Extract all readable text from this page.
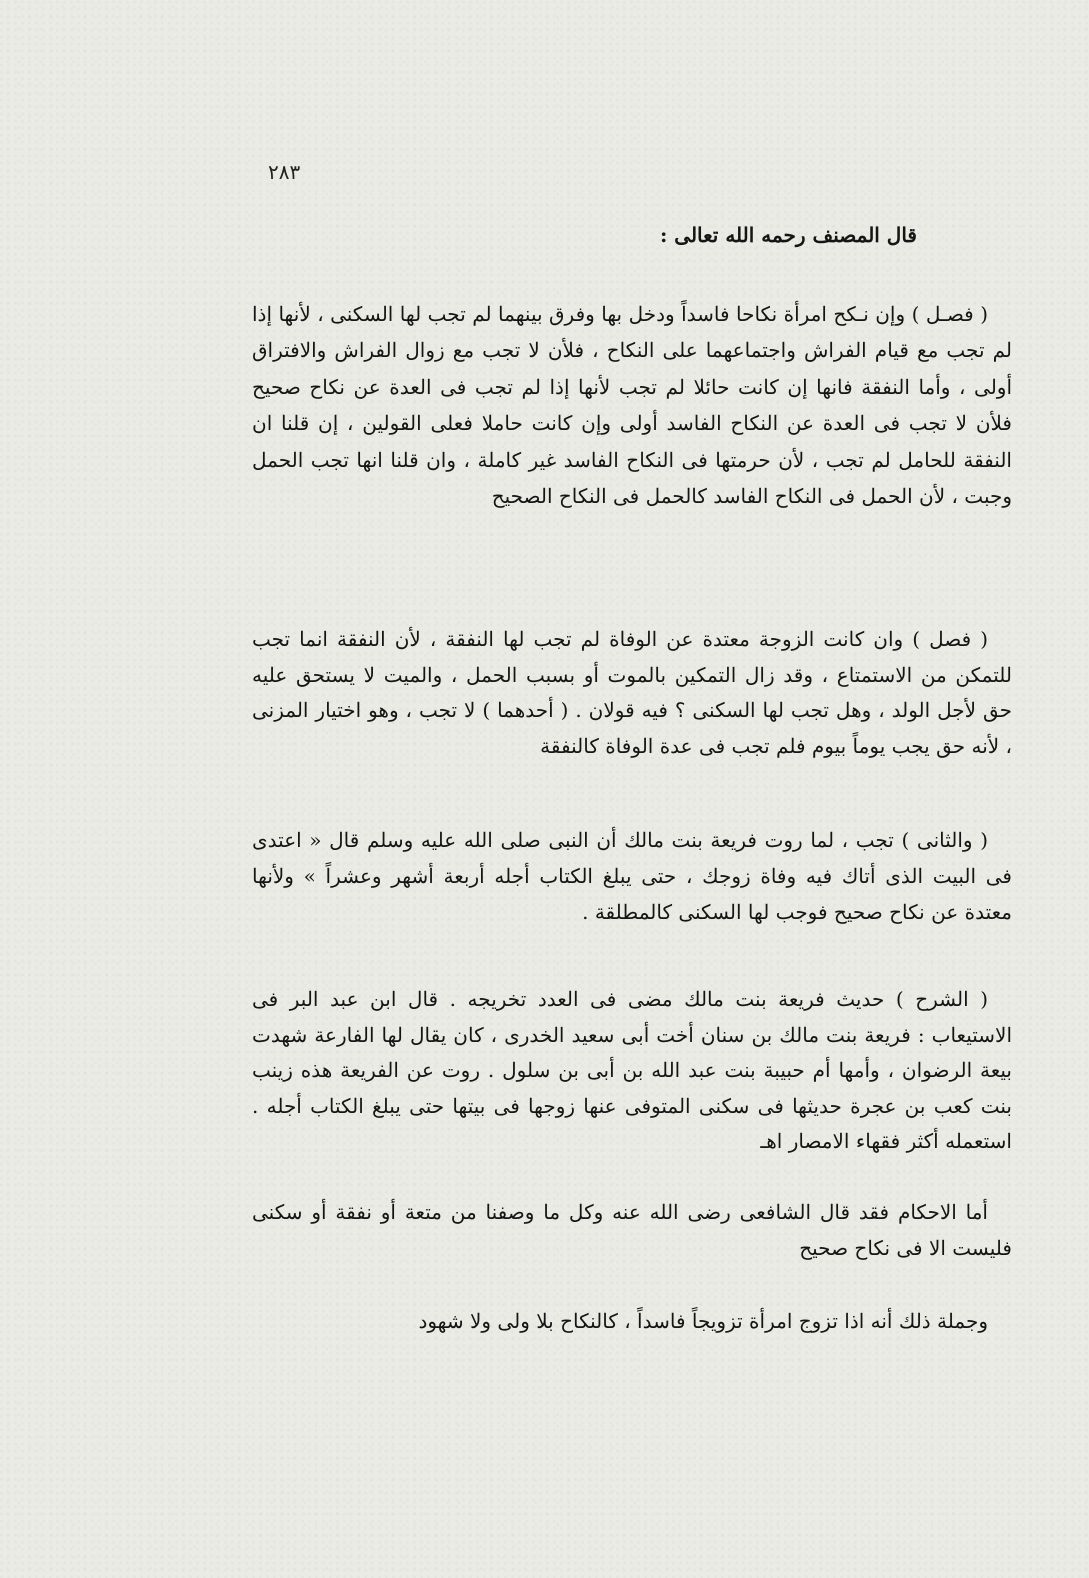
٢٨٣
قال المصنف رحمه الله تعالى :

( فصـل ) وإن نـكح امرأة نكاحا فاسداً ودخل بها وفرق بينهما لم تجب لها السكنى ، لأنها إذا لم تجب مع قيام الفراش واجتماعهما على النكاح ، فلأن لا تجب مع زوال الفراش والافتراق أولى ، وأما النفقة فانها إن كانت حائلا لم تجب لأنها إذا لم تجب فى العدة عن نكاح صحيح فلأن لا تجب فى العدة عن النكاح الفاسد أولى وإن كانت حاملا فعلى القولين ، إن قلنا ان النفقة للحامل لم تجب ، لأن حرمتها فى النكاح الفاسد غير كاملة ، وان قلنا انها تجب الحمل وجبت ، لأن الحمل فى النكاح الفاسد كالحمل فى النكاح الصحيح

( فصل ) وان كانت الزوجة معتدة عن الوفاة لم تجب لها النفقة ، لأن النفقة انما تجب للتمكن من الاستمتاع ، وقد زال التمكين بالموت أو بسبب الحمل ، والميت لا يستحق عليه حق لأجل الولد ، وهل تجب لها السكنى ؟ فيه قولان . ( أحدهما ) لا تجب ، وهو اختيار المزنى ، لأنه حق يجب يوماً بيوم فلم تجب فى عدة الوفاة كالنفقة

( والثانى ) تجب ، لما روت فريعة بنت مالك أن النبى صلى الله عليه وسلم قال « اعتدى فى البيت الذى أتاك فيه وفاة زوجك ، حتى يبلغ الكتاب أجله أربعة أشهر وعشراً » ولأنها معتدة عن نكاح صحيح فوجب لها السكنى كالمطلقة .

( الشرح ) حديث فريعة بنت مالك مضى فى العدد تخريجه . قال ابن عبد البر فى الاستيعاب : فريعة بنت مالك بن سنان أخت أبى سعيد الخدرى ، كان يقال لها الفارعة شهدت بيعة الرضوان ، وأمها أم حبيبة بنت عبد الله بن أبى بن سلول . روت عن الفريعة هذه زينب بنت كعب بن عجرة حديثها فى سكنى المتوفى عنها زوجها فى بيتها حتى يبلغ الكتاب أجله . استعمله أكثر فقهاء الامصار اهـ

أما الاحكام فقد قال الشافعى رضى الله عنه وكل ما وصفنا من متعة أو نفقة أو سكنى فليست الا فى نكاح صحيح

وجملة ذلك أنه اذا تزوج امرأة تزويجاً فاسداً ، كالنكاح بلا ولى ولا شهود
